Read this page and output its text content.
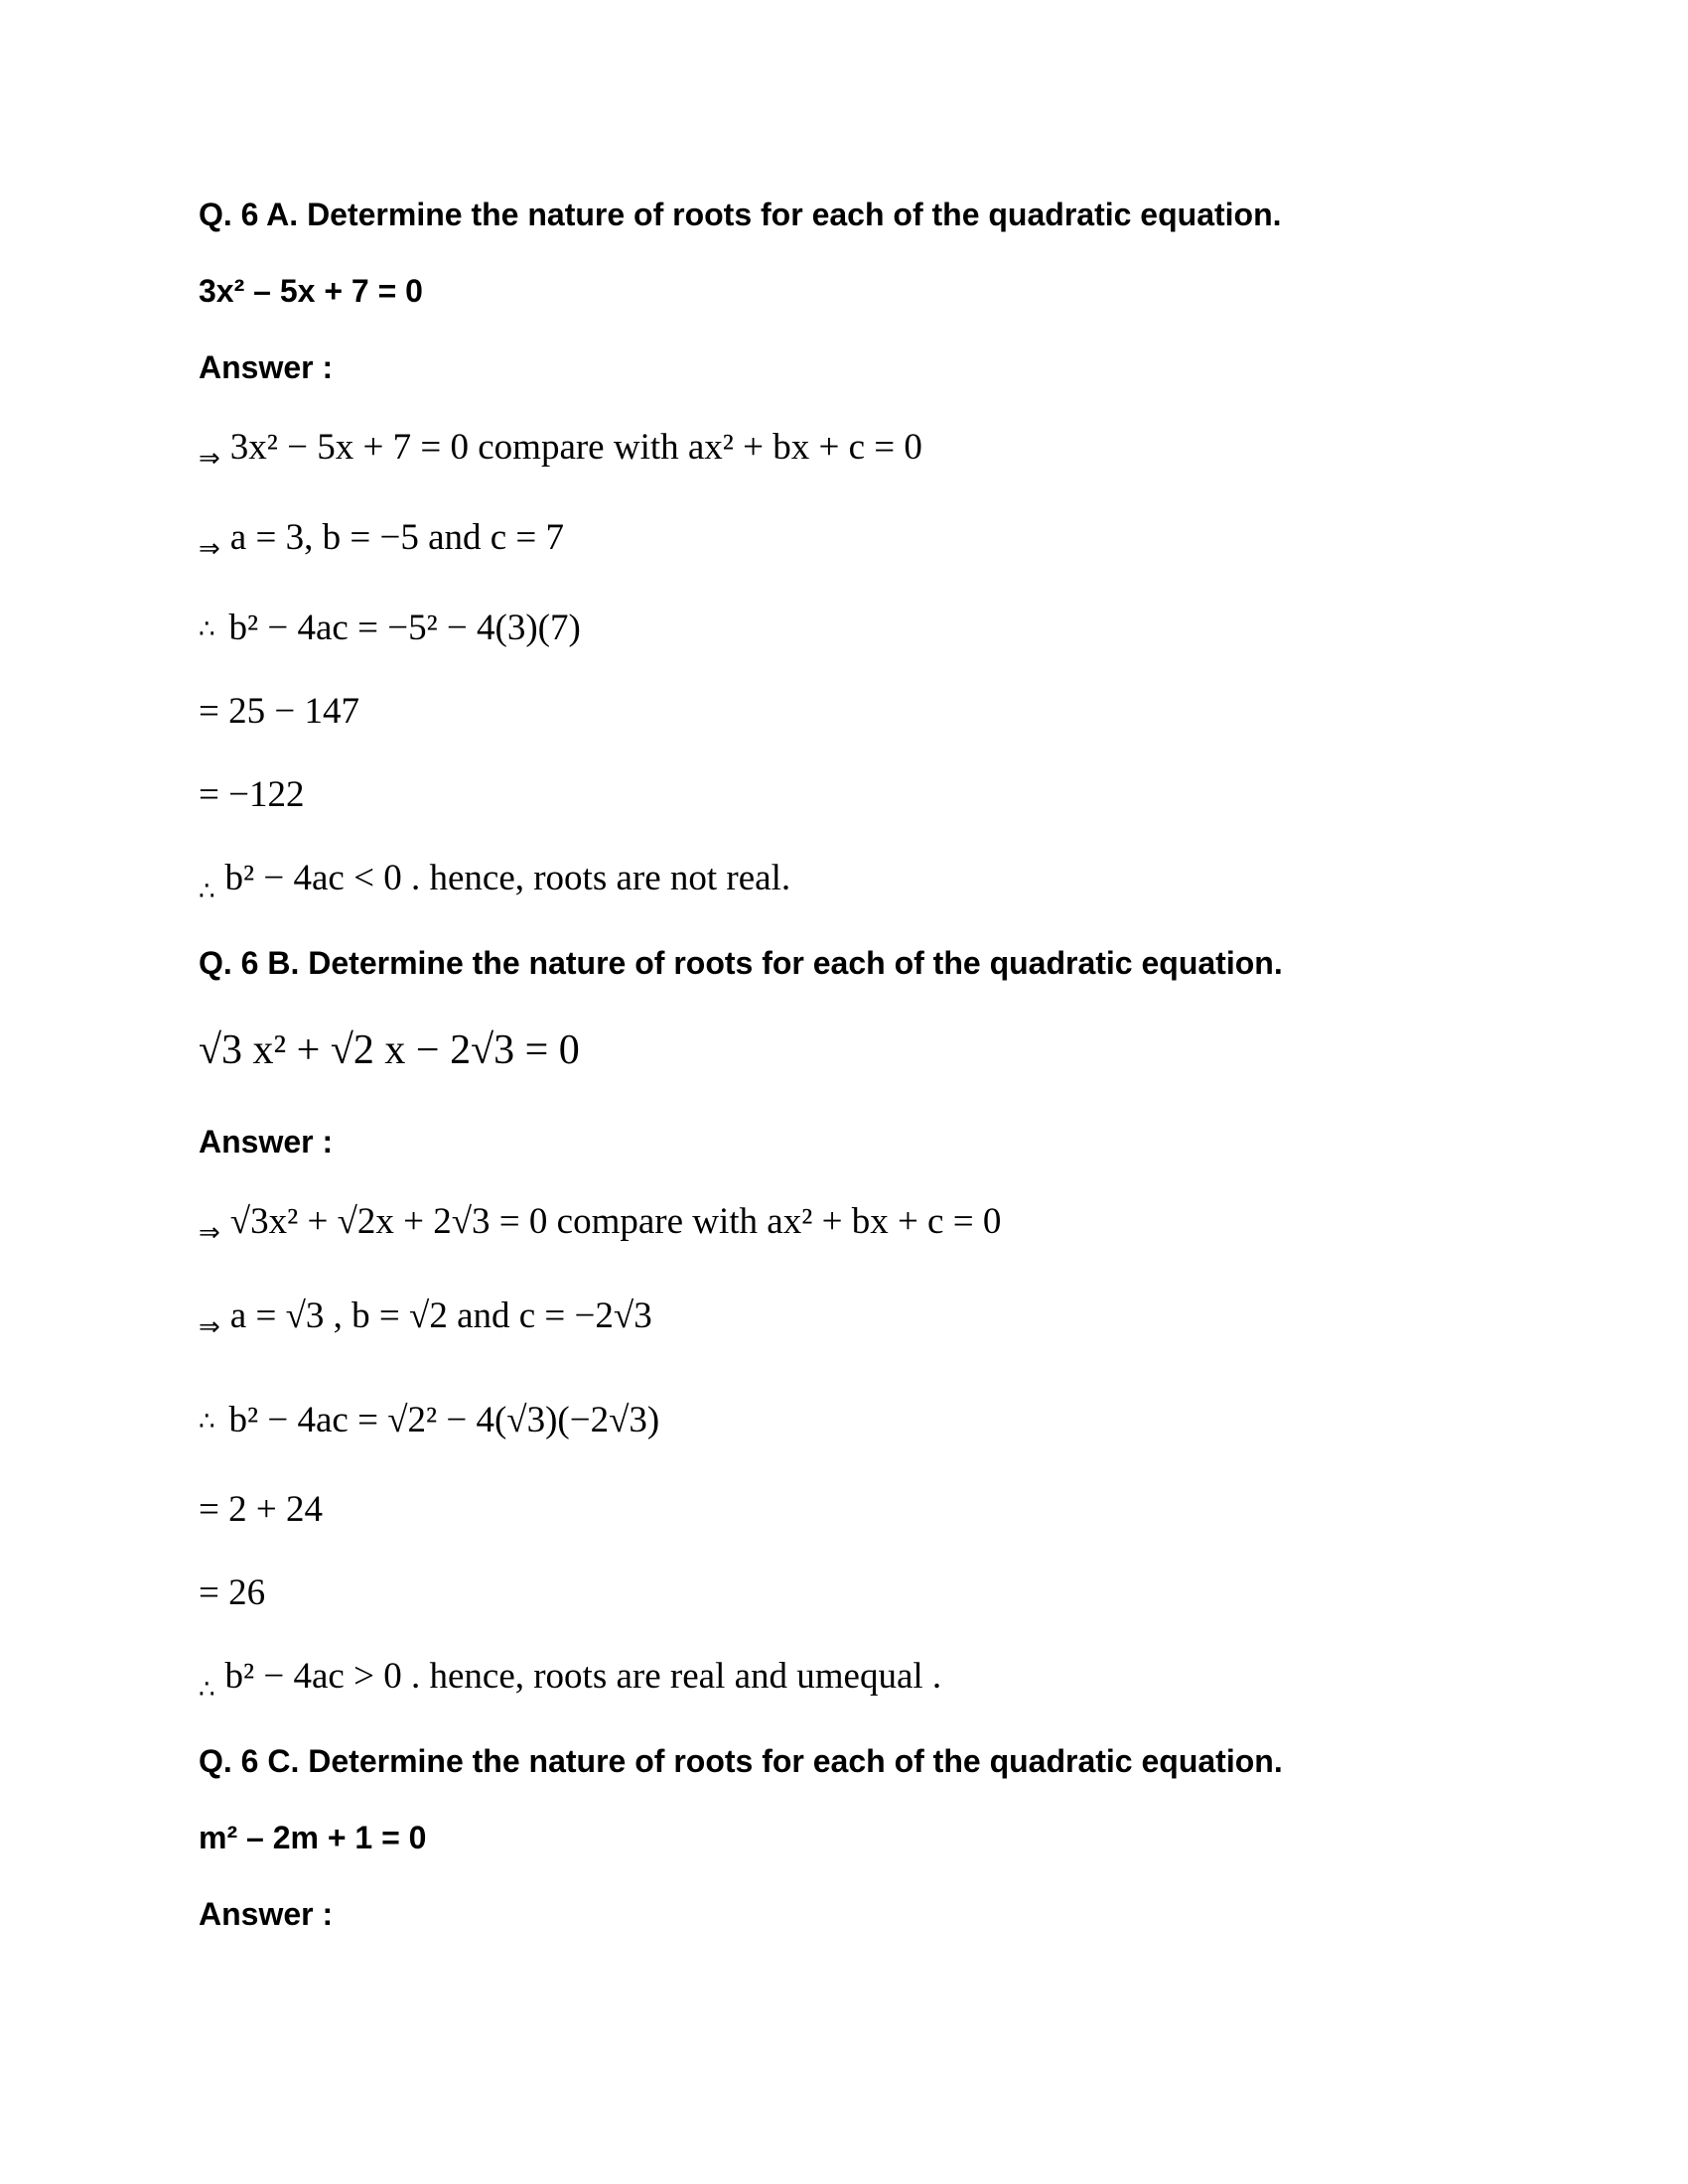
Q. 6 A. Determine the nature of roots for each of the quadratic equation.
3x² – 5x + 7 = 0
Answer :
⇒ 3x² − 5x + 7 = 0 compare with ax² + bx + c = 0
⇒ a = 3, b = −5 and c = 7
∴ b² − 4ac = −5² − 4(3)(7)
= 25 − 147
= −122
∴ b² − 4ac < 0 . hence, roots are not real.
Q. 6 B. Determine the nature of roots for each of the quadratic equation.
√3 x² + √2 x − 2√3 = 0
Answer :
⇒ √3x² + √2x + 2√3 = 0 compare with ax² + bx + c = 0
⇒ a = √3 , b = √2 and c = −2√3
∴ b² − 4ac = √2² − 4(√3)(−2√3)
= 2 + 24
= 26
∴ b² − 4ac > 0 . hence, roots are real and umequal .
Q. 6 C. Determine the nature of roots for each of the quadratic equation.
m² – 2m + 1 = 0
Answer :
